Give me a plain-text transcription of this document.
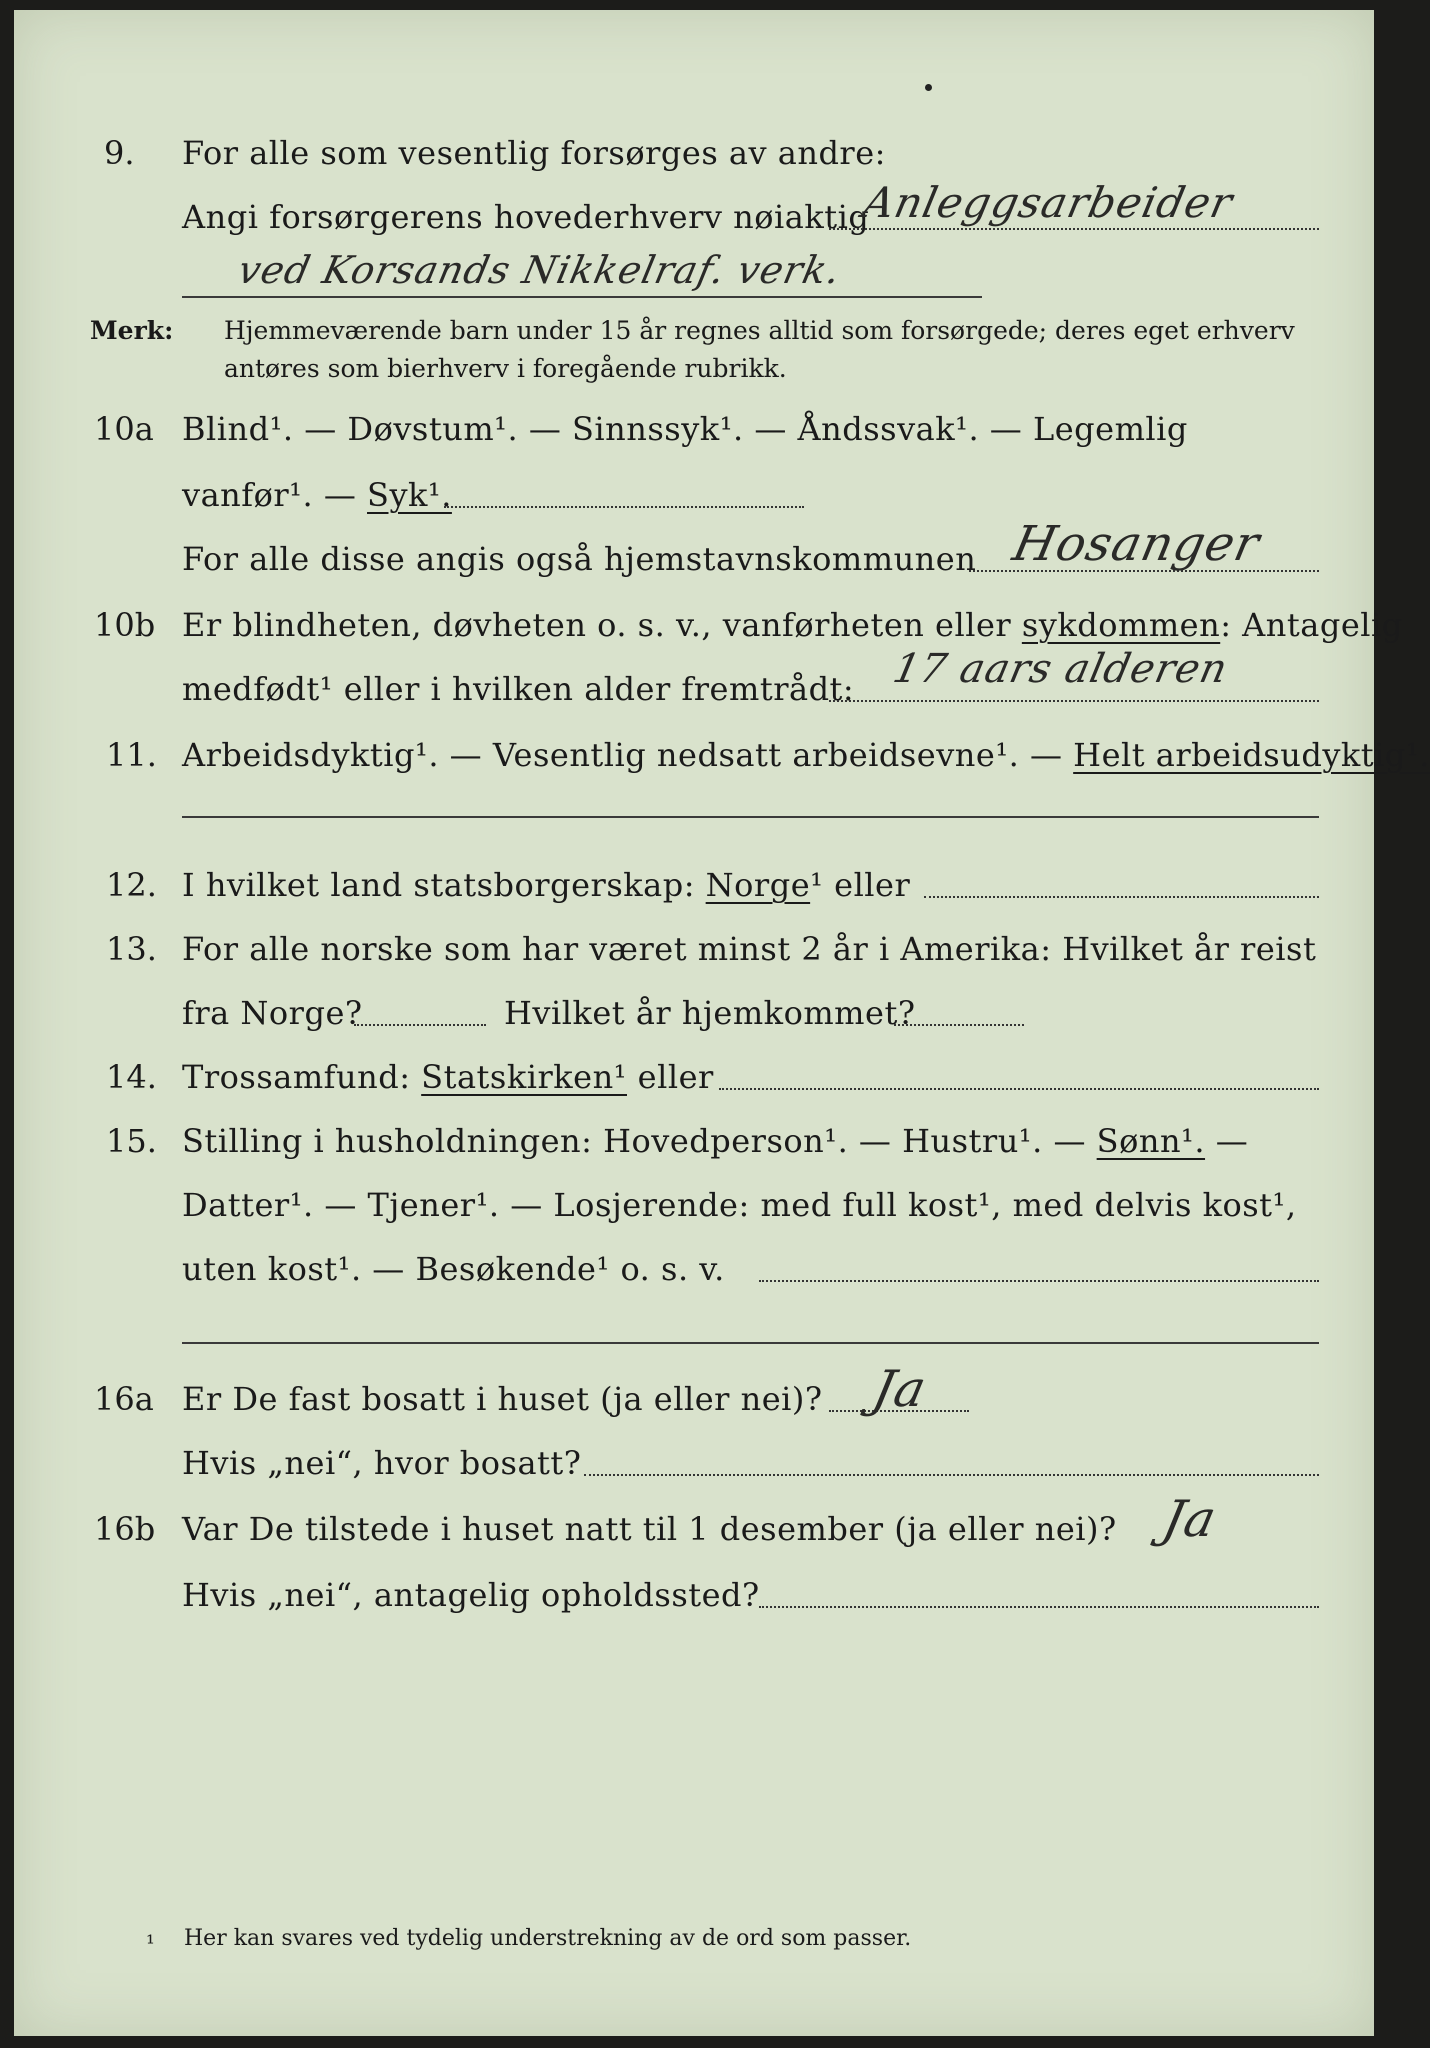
9. For alle som vesentlig forsørges av andre:
Angi forsørgerens hovederhverv nøiaktig
Anleggsarbeider
ved Korsands Nikkelraf. verk.
Merk: Hjemmeværende barn under 15 år regnes alltid som forsørgede; deres eget erhverv
antøres som bierhverv i foregående rubrikk.
10a Blind¹. — Døvstum¹. — Sinnssyk¹. — Åndssvak¹. — Legemlig
vanfør¹. — Syk¹.
For alle disse angis også hjemstavnskommunen Hosanger
10b Er blindheten, døvheten o. s. v., vanførheten eller sykdommen: Antagelig
medfødt¹ eller i hvilken alder fremtrådt: 17 aars alderen
11. Arbeidsdyktig¹. — Vesentlig nedsatt arbeidsevne¹. — Helt arbeidsudyktig¹.
12. I hvilket land statsborgerskap: Norge¹ eller
13. For alle norske som har været minst 2 år i Amerika: Hvilket år reist
fra Norge?	Hvilket år hjemkommet?
14. Trossamfund: Statskirken¹ eller
15. Stilling i husholdningen: Hovedperson¹. — Hustru¹. — Sønn¹. —
Datter¹. — Tjener¹. — Losjerende: med full kost¹, med delvis kost¹,
uten kost¹. — Besøkende¹ o. s. v.
16a Er De fast bosatt i huset (ja eller nei)? Ja
Hvis „nei“, hvor bosatt?
16b Var De tilstede i huset natt til 1 desember (ja eller nei)? Ja
Hvis „nei“, antagelig opholdssted?
¹ Her kan svares ved tydelig understrekning av de ord som passer.
